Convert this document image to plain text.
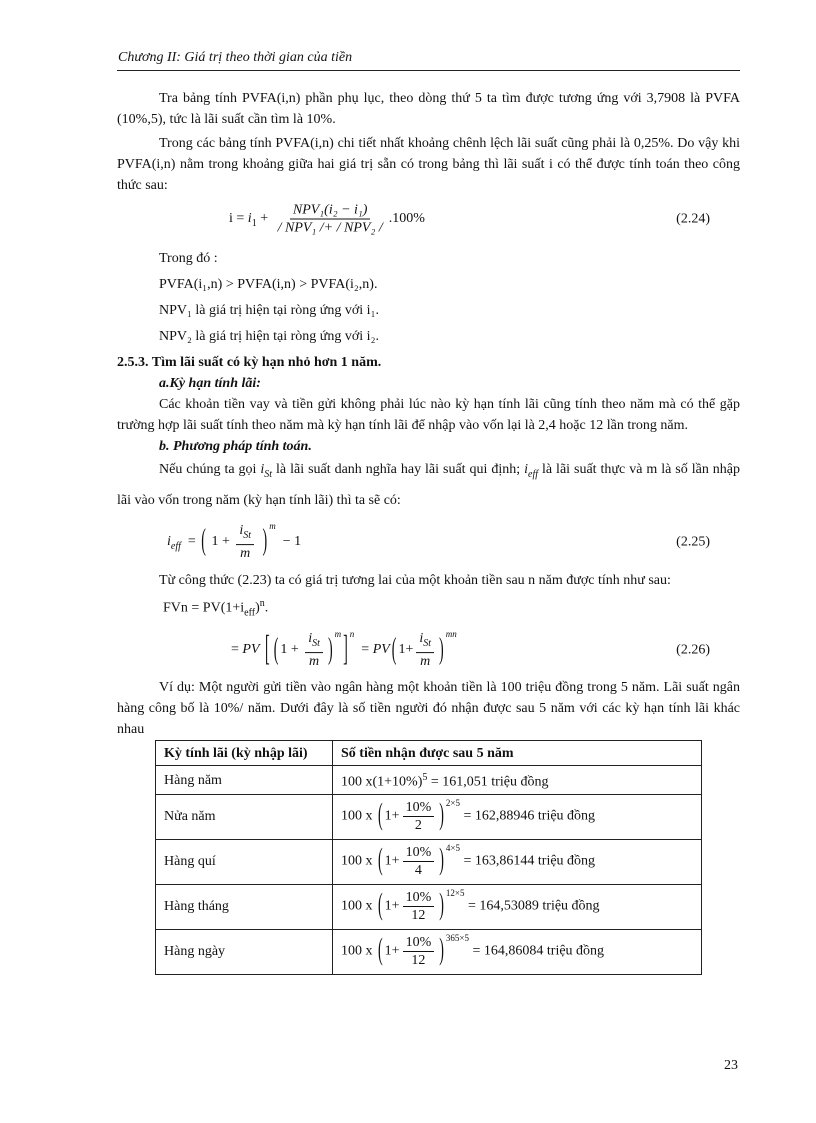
Chương II: Giá trị theo thời gian của tiền

Tra bảng tính PVFA(i,n) phần phụ lục, theo dòng thứ 5 ta tìm được tương ứng với 3,7908 là PVFA (10%,5), tức là lãi suất cần tìm là 10%.

Trong các bảng tính PVFA(i,n) chi tiết nhất khoảng chênh lệch lãi suất cũng phải là 0,25%. Do vậy khi PVFA(i,n) nằm trong khoảng giữa hai giá trị sẵn có trong bảng thì lãi suất i có thể được tính toán theo công thức sau:

$i = i_1 + \frac{\text{NPV₁(i₂ − i₁)}}{\text{/ NPV₁ /+ / NPV₂ /}} .100\%$	(2.24)

Trong đó :

PVFA(i₁,n) > PVFA(i,n) > PVFA(i₂,n).

NPV₁ là giá trị hiện tại ròng ứng với i₁.

NPV₂ là giá trị hiện tại ròng ứng với i₂.

2.5.3. Tìm lãi suất có kỳ hạn nhỏ hơn 1 năm.

a.Kỳ hạn tính lãi:

Các khoản tiền vay và tiền gửi không phải lúc nào kỳ hạn tính lãi cũng tính theo năm mà có thể gặp trường hợp lãi suất tính theo năm mà kỳ hạn tính lãi để nhập vào vốn lại là 2,4 hoặc 12 lần trong năm.

b. Phương pháp tính toán.

Nếu chúng ta gọi $i_{St}$ là lãi suất danh nghĩa hay lãi suất qui định; $i_{eff}$ là lãi suất thực và m là số lần nhập lãi vào vốn trong năm (kỳ hạn tính lãi) thì ta sẽ có:

$i_{eff}$  = ( $1 + \frac{i_{St}}{m}$ ) $^m$  − 1	(2.25)

Từ công thức (2.23) ta có giá trị tương lai của một khoản tiền sau n năm được tính như sau:

FVn = $PV(1+i_{eff})^n$.

= PV [ ( $1 + \frac{i_{St}}{m}$ ) $^m$ ] $^n$  = PV ( $1+ \frac{i_{St}}{m}$ ) $^{mn}$
(2.26)

Ví dụ: Một người gửi tiền vào ngân hàng một khoản tiền là 100 triệu đồng trong 5 năm. Lãi suất ngân hàng công bố là 10%/ năm. Dưới đây là số tiền người đó nhận được sau 5 năm với các kỳ hạn tính lãi khác nhau

Kỳ tính lãi (kỳ nhập lãi)	Số tiền nhận được sau 5 năm
Hàng năm	100 $x(1+10\%)^5 = 161,051$ triệu đồng
Nửa năm	100 x ( $1+ \frac{10\%}{2}$ ) $^{2\times 5}$ = 162,88946 triệu đồng
Hàng quí	100 x ( $1+ \frac{10\%}{4}$ ) $^{4\times 5}$ = 163,86144 triệu đồng
Hàng tháng	100 x ( $1+ \frac{10\%}{12}$ ) $^{12\times 5}$ = 164,53089 triệu đồng
Hàng ngày	100 x ( $1+ \frac{10\%}{12}$ ) $^{365\times 5}$ = 164,86084 triệu đồng
23
